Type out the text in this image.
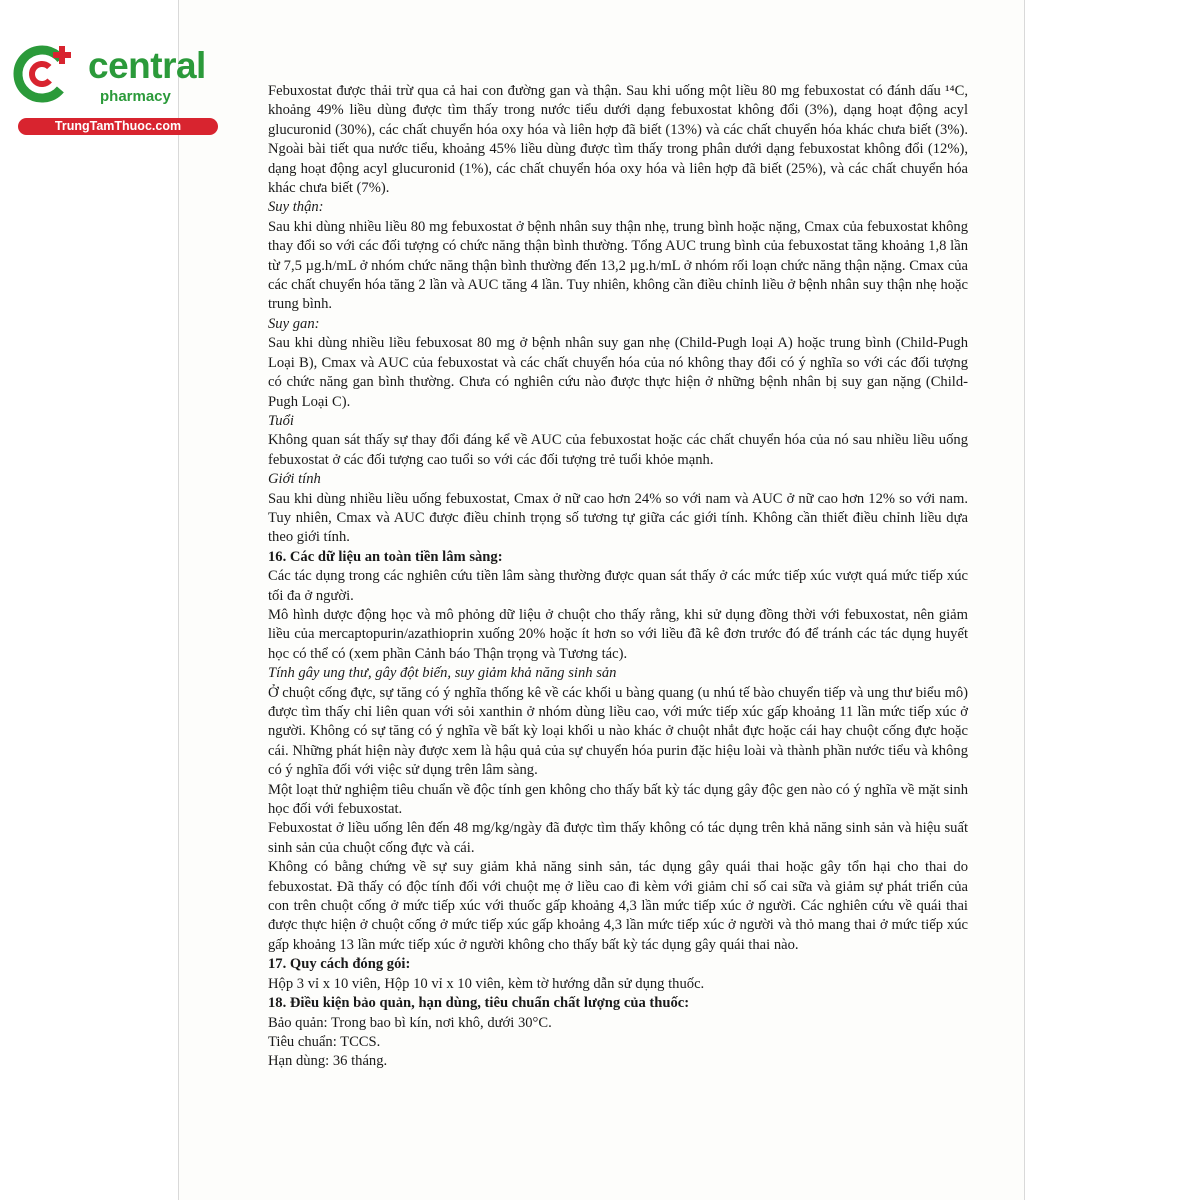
central
pharmacy
TrungTamThuoc.com

Febuxostat được thải trừ qua cả hai con đường gan và thận. Sau khi uống một liều 80 mg febuxostat có đánh dấu ¹⁴C, khoảng 49% liều dùng được tìm thấy trong nước tiểu dưới dạng febuxostat không đổi (3%), dạng hoạt động acyl glucuronid (30%), các chất chuyển hóa oxy hóa và liên hợp đã biết (13%) và các chất chuyển hóa khác chưa biết (3%). Ngoài bài tiết qua nước tiểu, khoảng 45% liều dùng được tìm thấy trong phân dưới dạng febuxostat không đổi (12%), dạng hoạt động acyl glucuronid (1%), các chất chuyển hóa oxy hóa và liên hợp đã biết (25%), và các chất chuyển hóa khác chưa biết (7%).

Suy thận:

Sau khi dùng nhiều liều 80 mg febuxostat ở bệnh nhân suy thận nhẹ, trung bình hoặc nặng, Cmax của febuxostat không thay đổi so với các đối tượng có chức năng thận bình thường. Tổng AUC trung bình của febuxostat tăng khoảng 1,8 lần từ 7,5 µg.h/mL ở nhóm chức năng thận bình thường đến 13,2 µg.h/mL ở nhóm rối loạn chức năng thận nặng. Cmax của các chất chuyển hóa tăng 2 lần và AUC tăng 4 lần. Tuy nhiên, không cần điều chỉnh liều ở bệnh nhân suy thận nhẹ hoặc trung bình.

Suy gan:

Sau khi dùng nhiều liều febuxosat 80 mg ở bệnh nhân suy gan nhẹ (Child-Pugh loại A) hoặc trung bình (Child-Pugh Loại B), Cmax và AUC của febuxostat và các chất chuyển hóa của nó không thay đổi có ý nghĩa so với các đối tượng có chức năng gan bình thường. Chưa có nghiên cứu nào được thực hiện ở những bệnh nhân bị suy gan nặng (Child-Pugh Loại C).

Tuổi

Không quan sát thấy sự thay đổi đáng kể về AUC của febuxostat hoặc các chất chuyển hóa của nó sau nhiều liều uống febuxostat ở các đối tượng cao tuổi so với các đối tượng trẻ tuổi khỏe mạnh.

Giới tính

Sau khi dùng nhiều liều uống febuxostat, Cmax ở nữ cao hơn 24% so với nam và AUC ở nữ cao hơn 12% so với nam. Tuy nhiên, Cmax và AUC được điều chỉnh trọng số tương tự giữa các giới tính. Không cần thiết điều chỉnh liều dựa theo giới tính.

16. Các dữ liệu an toàn tiền lâm sàng:

Các tác dụng trong các nghiên cứu tiền lâm sàng thường được quan sát thấy ở các mức tiếp xúc vượt quá mức tiếp xúc tối đa ở người.

Mô hình dược động học và mô phỏng dữ liệu ở chuột cho thấy rằng, khi sử dụng đồng thời với febuxostat, nên giảm liều của mercaptopurin/azathioprin xuống 20% hoặc ít hơn so với liều đã kê đơn trước đó để tránh các tác dụng huyết học có thể có (xem phần Cảnh báo Thận trọng và Tương tác).

Tính gây ung thư, gây đột biến, suy giảm khả năng sinh sản

Ở chuột cống đực, sự tăng có ý nghĩa thống kê về các khối u bàng quang (u nhú tế bào chuyển tiếp và ung thư biểu mô) được tìm thấy chỉ liên quan với sỏi xanthin ở nhóm dùng liều cao, với mức tiếp xúc gấp khoảng 11 lần mức tiếp xúc ở người. Không có sự tăng có ý nghĩa về bất kỳ loại khối u nào khác ở chuột nhắt đực hoặc cái hay chuột cống đực hoặc cái. Những phát hiện này được xem là hậu quả của sự chuyển hóa purin đặc hiệu loài và thành phần nước tiểu và không có ý nghĩa đối với việc sử dụng trên lâm sàng.

Một loạt thử nghiệm tiêu chuẩn về độc tính gen không cho thấy bất kỳ tác dụng gây độc gen nào có ý nghĩa về mặt sinh học đối với febuxostat.

Febuxostat ở liều uống lên đến 48 mg/kg/ngày đã được tìm thấy không có tác dụng trên khả năng sinh sản và hiệu suất sinh sản của chuột cống đực và cái.

Không có bằng chứng về sự suy giảm khả năng sinh sản, tác dụng gây quái thai hoặc gây tổn hại cho thai do febuxostat. Đã thấy có độc tính đối với chuột mẹ ở liều cao đi kèm với giảm chỉ số cai sữa và giảm sự phát triển của con trên chuột cống ở mức tiếp xúc với thuốc gấp khoảng 4,3 lần mức tiếp xúc ở người. Các nghiên cứu về quái thai được thực hiện ở chuột cống ở mức tiếp xúc gấp khoảng 4,3 lần mức tiếp xúc ở người và thỏ mang thai ở mức tiếp xúc gấp khoảng 13 lần mức tiếp xúc ở người không cho thấy bất kỳ tác dụng gây quái thai nào.

17. Quy cách đóng gói:

Hộp 3 vỉ x 10 viên, Hộp 10 vỉ x 10 viên, kèm tờ hướng dẫn sử dụng thuốc.

18. Điều kiện bảo quản, hạn dùng, tiêu chuẩn chất lượng của thuốc:

Bảo quản: Trong bao bì kín, nơi khô, dưới 30°C.

Tiêu chuẩn: TCCS.

Hạn dùng: 36 tháng.
